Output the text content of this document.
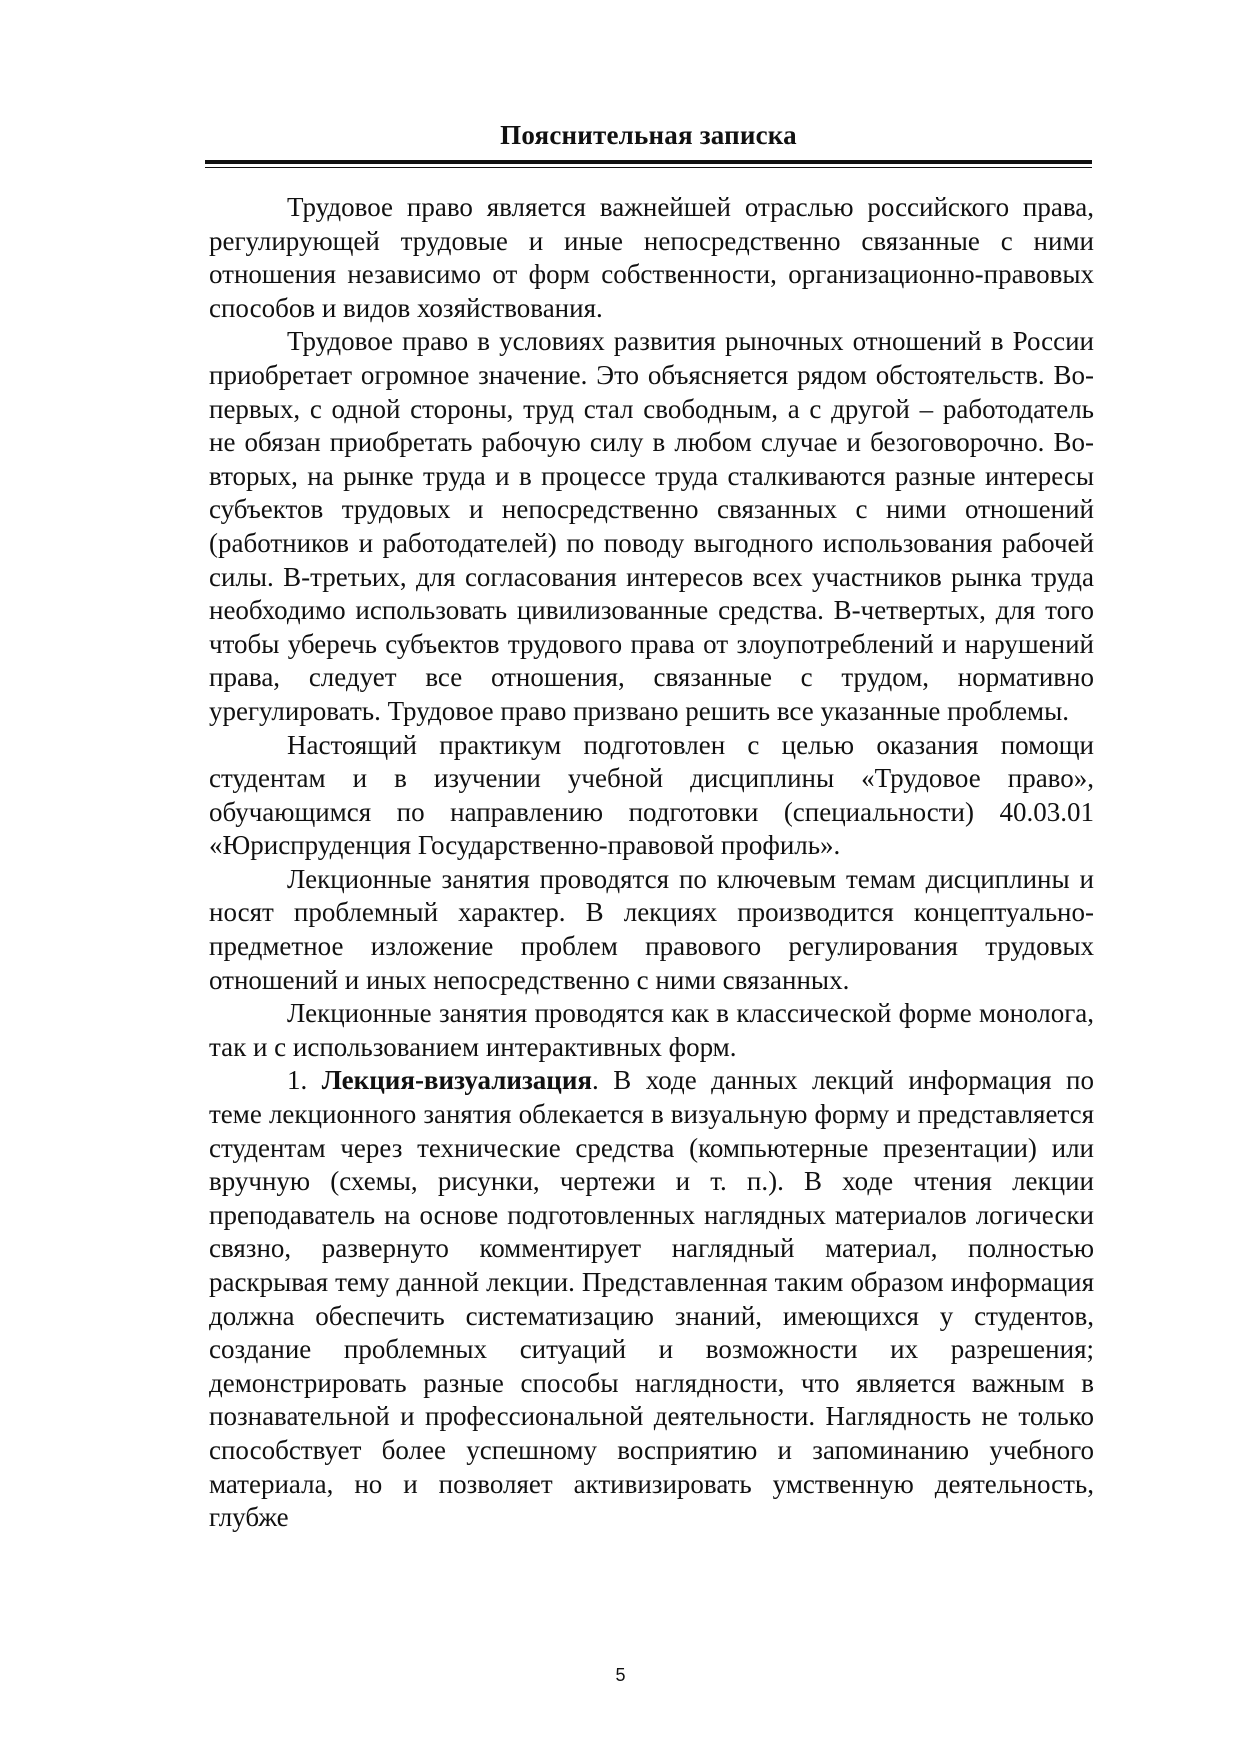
Пояснительная записка

Трудовое право является важнейшей отраслью российского права, регулирующей трудовые и иные непосредственно связанные с ними отношения независимо от форм собственности, организационно-правовых способов и видов хозяйствования.

Трудовое право в условиях развития рыночных отношений в России приобретает огромное значение. Это объясняется рядом обстоятельств. Во-первых, с одной стороны, труд стал свободным, а с другой – работодатель не обязан приобретать рабочую силу в любом случае и безоговорочно. Во-вторых, на рынке труда и в процессе труда сталкиваются разные интересы субъектов трудовых и непосредственно связанных с ними отношений (работников и работодателей) по поводу выгодного использования рабочей силы. В-третьих, для согласования интересов всех участников рынка труда необходимо использовать цивилизованные средства. В-четвертых, для того чтобы уберечь субъектов трудового права от злоупотреблений и нарушений права, следует все отношения, связанные с трудом, нормативно урегулировать. Трудовое право призвано решить все указанные проблемы.

Настоящий практикум подготовлен с целью оказания помощи студентам и в изучении учебной дисциплины «Трудовое право», обучающимся по направлению подготовки (специальности) 40.03.01 «Юриспруденция Государственно-правовой профиль».

Лекционные занятия проводятся по ключевым темам дисциплины и носят проблемный характер. В лекциях производится концептуально-предметное изложение проблем правового регулирования трудовых отношений и иных непосредственно с ними связанных.

Лекционные занятия проводятся как в классической форме монолога, так и с использованием интерактивных форм.

1. Лекция-визуализация. В ходе данных лекций информация по теме лекционного занятия облекается в визуальную форму и представляется студентам через технические средства (компьютерные презентации) или вручную (схемы, рисунки, чертежи и т. п.). В ходе чтения лекции преподаватель на основе подготовленных наглядных материалов логически связно, развернуто комментирует наглядный материал, полностью раскрывая тему данной лекции. Представленная таким образом информация должна обеспечить систематизацию знаний, имеющихся у студентов, создание проблемных ситуаций и возможности их разрешения; демонстрировать разные способы наглядности, что является важным в познавательной и профессиональной деятельности. Наглядность не только способствует более успешному восприятию и запоминанию учебного материала, но и позволяет активизировать умственную деятельность, глубже

5
